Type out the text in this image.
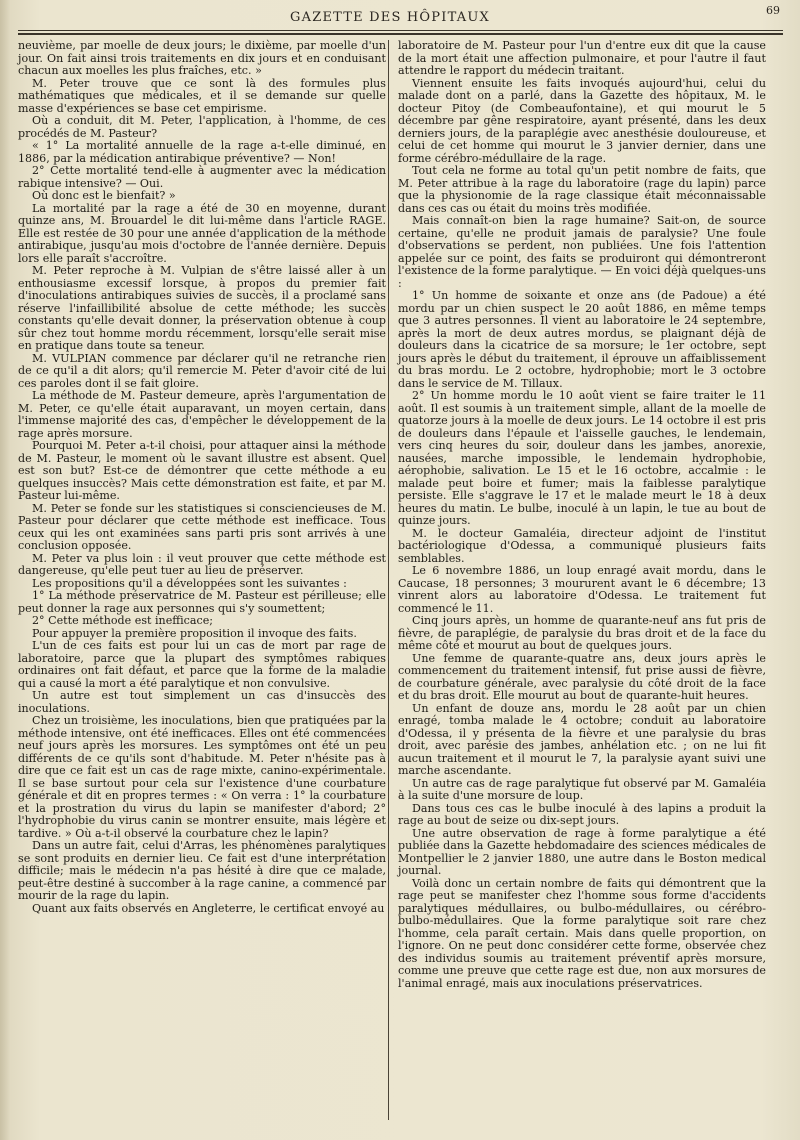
GAZETTE DES HÔPITAUX	69

neuvième, par moelle de deux jours; le dixième, par moelle d'un jour. On fait ainsi trois traitements en dix jours et en conduisant chacun aux moelles les plus fraîches, etc. »

M. Peter trouve que ce sont là des formules plus mathématiques que médicales, et il se demande sur quelle masse d'expériences se base cet empirisme.

Où a conduit, dit M. Peter, l'application, à l'homme, de ces procédés de M. Pasteur?

« 1° La mortalité annuelle de la rage a-t-elle diminué, en 1886, par la médication antirabique préventive? — Non!

2° Cette mortalité tend-elle à augmenter avec la médication rabique intensive? — Oui.

Où donc est le bienfait? »

La mortalité par la rage a été de 30 en moyenne, durant quinze ans, M. Brouardel le dit lui-même dans l'article RAGE. Elle est restée de 30 pour une année d'application de la méthode antirabique, jusqu'au mois d'octobre de l'année dernière. Depuis lors elle paraît s'accroître.

M. Peter reproche à M. Vulpian de s'être laissé aller à un enthousiasme excessif lorsque, à propos du premier fait d'inoculations antirabiques suivies de succès, il a proclamé sans réserve l'infaillibilité absolue de cette méthode; les succès constants qu'elle devait donner, la préservation obtenue à coup sûr chez tout homme mordu récemment, lorsqu'elle serait mise en pratique dans toute sa teneur.

M. VULPIAN commence par déclarer qu'il ne retranche rien de ce qu'il a dit alors; qu'il remercie M. Peter d'avoir cité de lui ces paroles dont il se fait gloire.

La méthode de M. Pasteur demeure, après l'argumentation de M. Peter, ce qu'elle était auparavant, un moyen certain, dans l'immense majorité des cas, d'empêcher le développement de la rage après morsure.

Pourquoi M. Peter a-t-il choisi, pour attaquer ainsi la méthode de M. Pasteur, le moment où le savant illustre est absent. Quel est son but? Est-ce de démontrer que cette méthode a eu quelques insuccès? Mais cette démonstration est faite, et par M. Pasteur lui-même.

M. Peter se fonde sur les statistiques si consciencieuses de M. Pasteur pour déclarer que cette méthode est inefficace. Tous ceux qui les ont examinées sans parti pris sont arrivés à une conclusion opposée.

M. Peter va plus loin : il veut prouver que cette méthode est dangereuse, qu'elle peut tuer au lieu de préserver.

Les propositions qu'il a développées sont les suivantes :

1° La méthode préservatrice de M. Pasteur est périlleuse; elle peut donner la rage aux personnes qui s'y soumettent;

2° Cette méthode est inefficace;

Pour appuyer la première proposition il invoque des faits.

L'un de ces faits est pour lui un cas de mort par rage de laboratoire, parce que la plupart des symptômes rabiques ordinaires ont fait défaut, et parce que la forme de la maladie qui a causé la mort a été paralytique et non convulsive.

Un autre est tout simplement un cas d'insuccès des inoculations.

Chez un troisième, les inoculations, bien que pratiquées par la méthode intensive, ont été inefficaces. Elles ont été commencées neuf jours après les morsures. Les symptômes ont été un peu différents de ce qu'ils sont d'habitude. M. Peter n'hésite pas à dire que ce fait est un cas de rage mixte, canino-expérimentale. Il se base surtout pour cela sur l'existence d'une courbature générale et dit en propres termes : « On verra : 1° la courbature et la prostration du virus du lapin se manifester d'abord; 2° l'hydrophobie du virus canin se montrer ensuite, mais légère et tardive. » Où a-t-il observé la courbature chez le lapin?

Dans un autre fait, celui d'Arras, les phénomènes paralytiques se sont produits en dernier lieu. Ce fait est d'une interprétation difficile; mais le médecin n'a pas hésité à dire que ce malade, peut-être destiné à succomber à la rage canine, a commencé par mourir de la rage du lapin.

Quant aux faits observés en Angleterre, le certificat envoyé au

laboratoire de M. Pasteur pour l'un d'entre eux dit que la cause de la mort était une affection pulmonaire, et pour l'autre il faut attendre le rapport du médecin traitant.

Viennent ensuite les faits invoqués aujourd'hui, celui du malade dont on a parlé, dans la Gazette des hôpitaux, M. le docteur Pitoy (de Combeaufontaine), et qui mourut le 5 décembre par gêne respiratoire, ayant présenté, dans les deux derniers jours, de la paraplégie avec anesthésie douloureuse, et celui de cet homme qui mourut le 3 janvier dernier, dans une forme cérébro-médullaire de la rage.

Tout cela ne forme au total qu'un petit nombre de faits, que M. Peter attribue à la rage du laboratoire (rage du lapin) parce que la physionomie de la rage classique était méconnaissable dans ces cas ou était du moins très modifiée.

Mais connaît-on bien la rage humaine? Sait-on, de source certaine, qu'elle ne produit jamais de paralysie? Une foule d'observations se perdent, non publiées. Une fois l'attention appelée sur ce point, des faits se produiront qui démontreront l'existence de la forme paralytique. — En voici déjà quelques-uns :

1° Un homme de soixante et onze ans (de Padoue) a été mordu par un chien suspect le 20 août 1886, en même temps que 3 autres personnes. Il vient au laboratoire le 24 septembre, après la mort de deux autres mordus, se plaignant déjà de douleurs dans la cicatrice de sa morsure; le 1er octobre, sept jours après le début du traitement, il éprouve un affaiblissement du bras mordu. Le 2 octobre, hydrophobie; mort le 3 octobre dans le service de M. Tillaux.

2° Un homme mordu le 10 août vient se faire traiter le 11 août. Il est soumis à un traitement simple, allant de la moelle de quatorze jours à la moelle de deux jours. Le 14 octobre il est pris de douleurs dans l'épaule et l'aisselle gauches, le lendemain, vers cinq heures du soir, douleur dans les jambes, anorexie, nausées, marche impossible, le lendemain hydrophobie, aérophobie, salivation. Le 15 et le 16 octobre, accalmie : le malade peut boire et fumer; mais la faiblesse paralytique persiste. Elle s'aggrave le 17 et le malade meurt le 18 à deux heures du matin. Le bulbe, inoculé à un lapin, le tue au bout de quinze jours.

M. le docteur Gamaléia, directeur adjoint de l'institut bactériologique d'Odessa, a communiqué plusieurs faits semblables.

Le 6 novembre 1886, un loup enragé avait mordu, dans le Caucase, 18 personnes; 3 moururent avant le 6 décembre; 13 vinrent alors au laboratoire d'Odessa. Le traitement fut commencé le 11.

Cinq jours après, un homme de quarante-neuf ans fut pris de fièvre, de paraplégie, de paralysie du bras droit et de la face du même côté et mourut au bout de quelques jours.

Une femme de quarante-quatre ans, deux jours après le commencement du traitement intensif, fut prise aussi de fièvre, de courbature générale, avec paralysie du côté droit de la face et du bras droit. Elle mourut au bout de quarante-huit heures.

Un enfant de douze ans, mordu le 28 août par un chien enragé, tomba malade le 4 octobre; conduit au laboratoire d'Odessa, il y présenta de la fièvre et une paralysie du bras droit, avec parésie des jambes, anhélation etc. ; on ne lui fit aucun traitement et il mourut le 7, la paralysie ayant suivi une marche ascendante.

Un autre cas de rage paralytique fut observé par M. Gamaléia à la suite d'une morsure de loup.

Dans tous ces cas le bulbe inoculé à des lapins a produit la rage au bout de seize ou dix-sept jours.

Une autre observation de rage à forme paralytique a été publiée dans la Gazette hebdomadaire des sciences médicales de Montpellier le 2 janvier 1880, une autre dans le Boston medical journal.

Voilà donc un certain nombre de faits qui démontrent que la rage peut se manifester chez l'homme sous forme d'accidents paralytiques médullaires, ou bulbo-médullaires, ou cérébro-bulbo-médullaires. Que la forme paralytique soit rare chez l'homme, cela paraît certain. Mais dans quelle proportion, on l'ignore. On ne peut donc considérer cette forme, observée chez des individus soumis au traitement préventif après morsure, comme une preuve que cette rage est due, non aux morsures de l'animal enragé, mais aux inoculations préservatrices.
